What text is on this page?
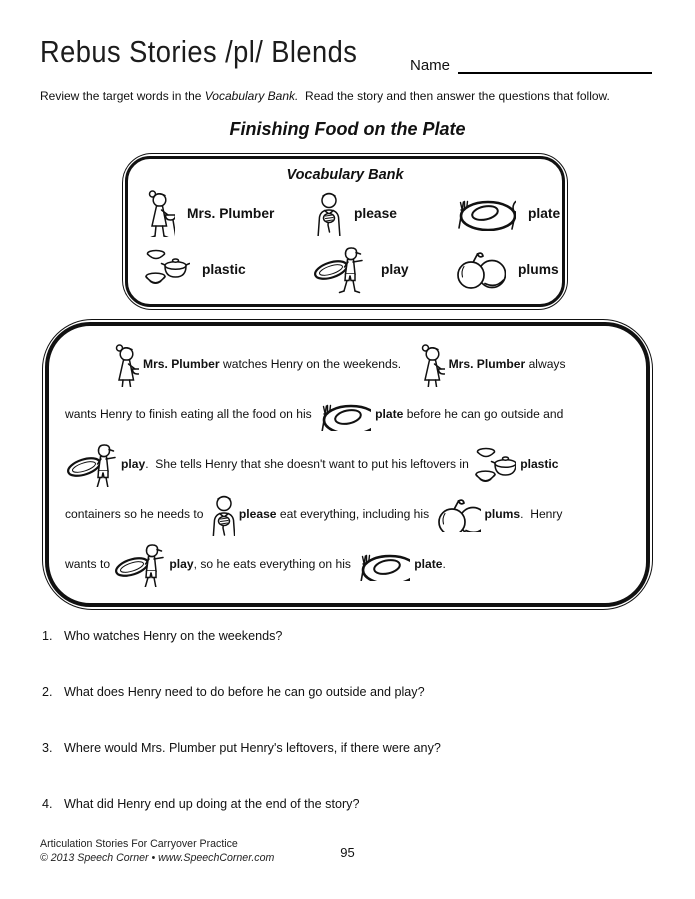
Rebus Stories /pl/ Blends	Name
Review the target words in the Vocabulary Bank.  Read the story and then answer the questions that follow.
Finishing Food on the Plate
Vocabulary Bank
Mrs. Plumber	please	plate
plastic	play	plums
Mrs. Plumber watches Henry on the weekends.	Mrs. Plumber always
wants Henry to finish eating all the food on his	plate before he can go outside and
play.  She tells Henry that she doesn't want to put his leftovers in	plastic
containers so he needs to	please eat everything, including his	plums.  Henry
wants to	play, so he eats everything on his	plate.
1. Who watches Henry on the weekends?
2. What does Henry need to do before he can go outside and play?
3. Where would Mrs. Plumber put Henry's leftovers, if there were any?
4. What did Henry end up doing at the end of the story?
Articulation Stories For Carryover Practice
© 2013 Speech Corner • www.SpeechCorner.com	95
